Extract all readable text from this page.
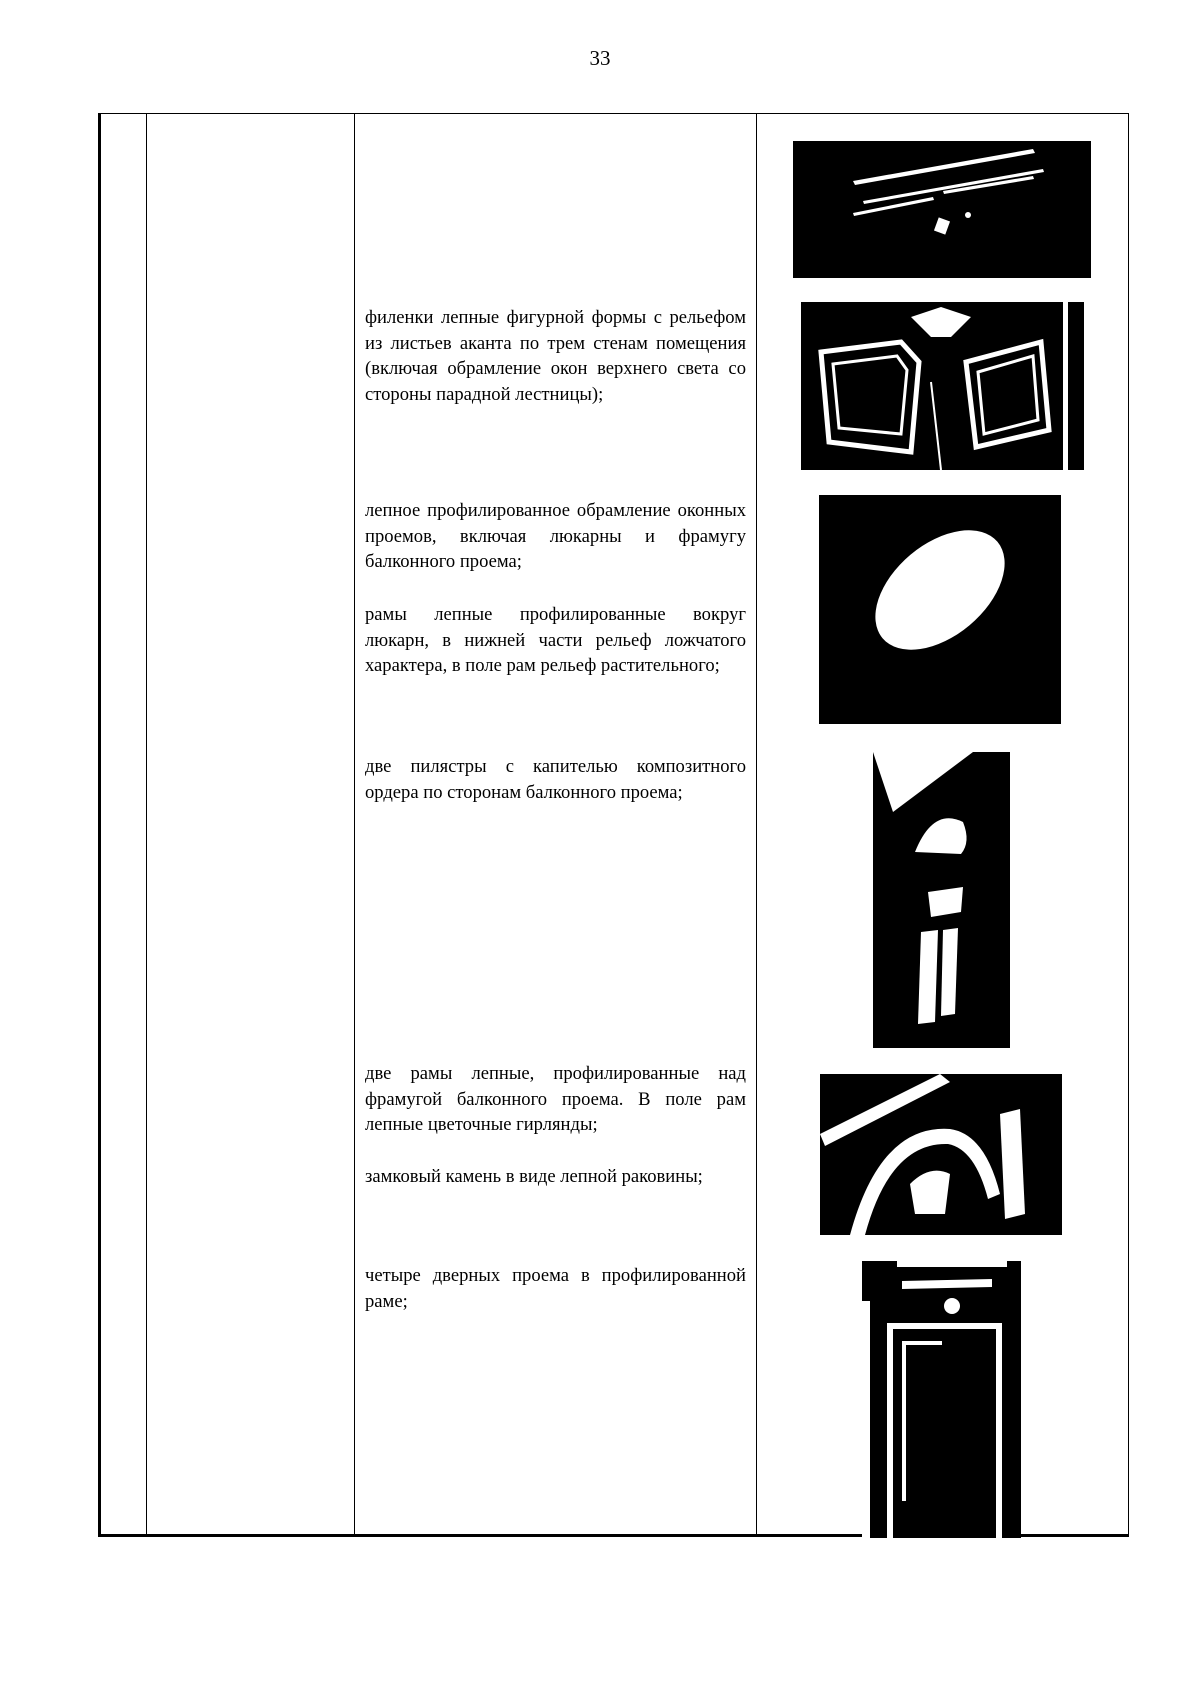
33
филенки лепные фигурной формы с рельефом из листьев аканта по трем стенам помещения (включая обрамление окон верхнего света со стороны парадной лестницы);
лепное профилированное обрамление оконных проемов, включая люкарны и фрамугу балконного проема;
рамы лепные профилированные вокруг люкарн, в нижней части рельеф ложчатого характера, в поле рам рельеф растительного;
две пилястры с капителью композитного ордера по сторонам балконного проема;
две рамы лепные, профилированные над фрамугой балконного проема. В поле рам лепные цветочные гирлянды;
замковый камень в виде лепной раковины;
четыре дверных проема в профилированной раме;
